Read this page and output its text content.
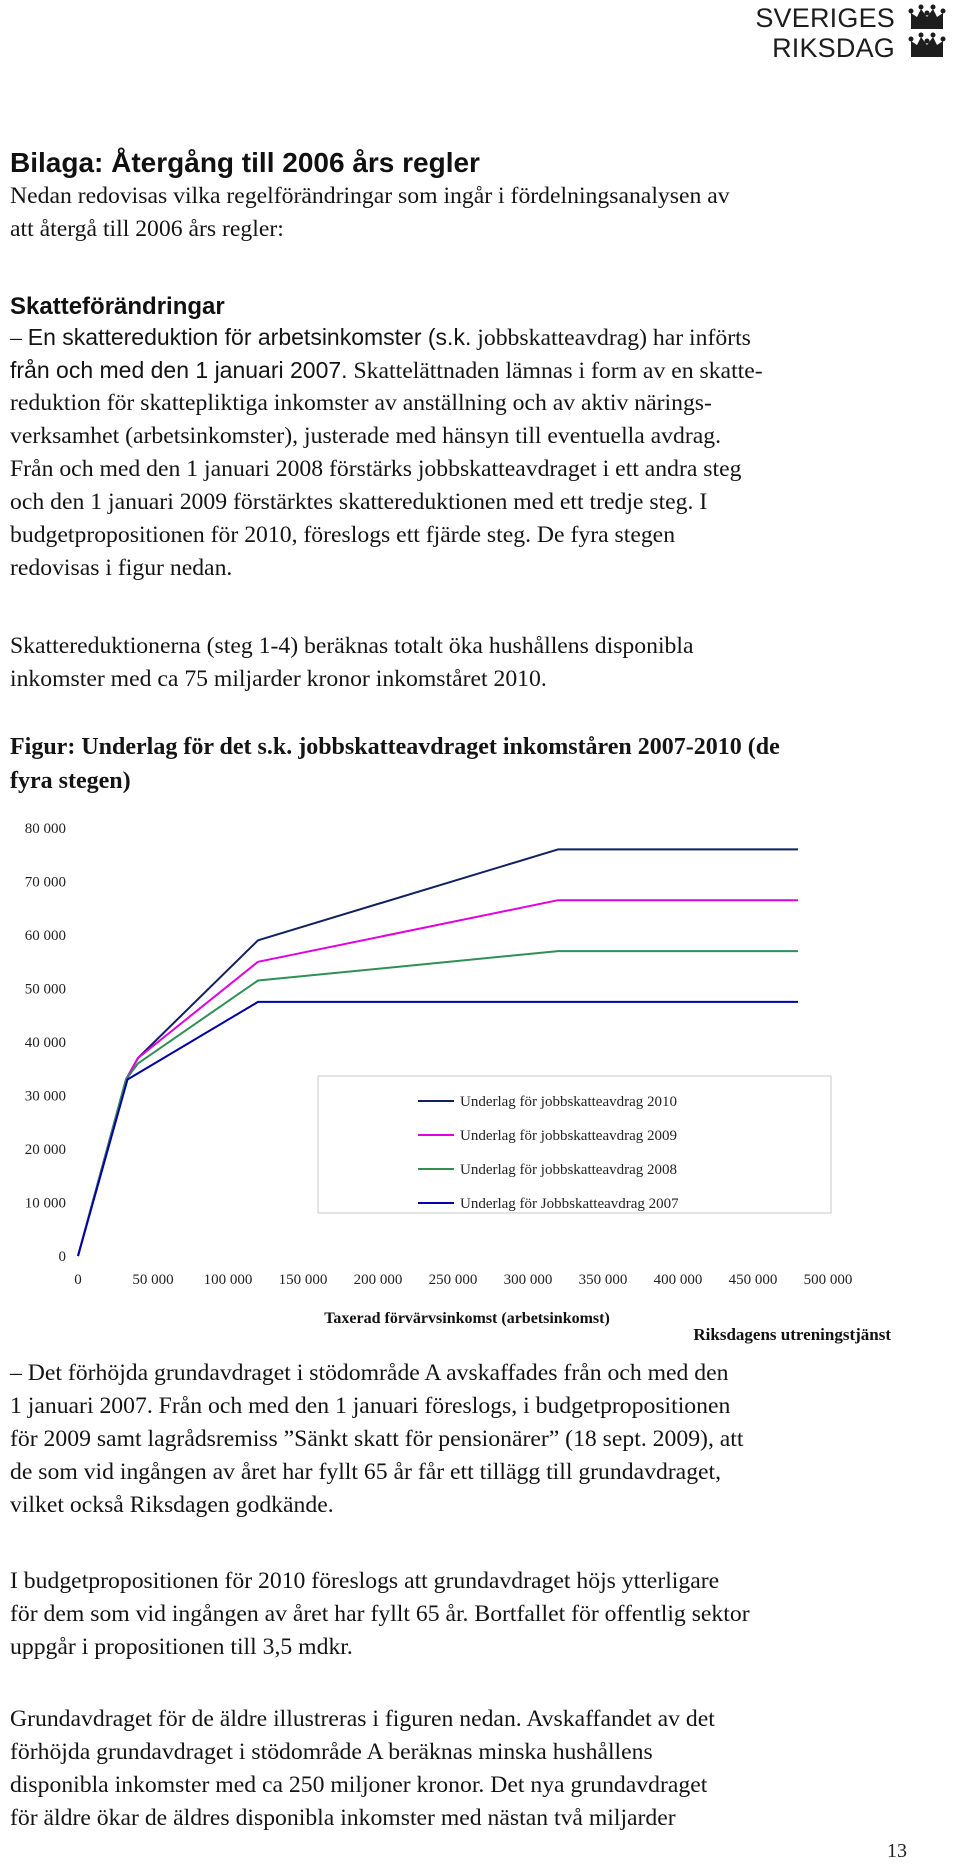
SVERIGES
RIKSDAG
Bilaga: Återgång till 2006 års regler
Nedan redovisas vilka regelförändringar som ingår i fördelningsanalysen av
att återgå till 2006 års regler:
Skatteförändringar
– En skattereduktion för arbetsinkomster (s.k. jobbskatteavdrag) har införts
från och med den 1 januari 2007. Skattelättnaden lämnas i form av en skatte-
reduktion för skattepliktiga inkomster av anställning och av aktiv närings-
verksamhet (arbetsinkomster), justerade med hänsyn till eventuella avdrag.
Från och med den 1 januari 2008 förstärks jobbskatteavdraget i ett andra steg
och den 1 januari 2009 förstärktes skattereduktionen med ett tredje steg. I
budgetpropositionen för 2010, föreslogs ett fjärde steg. De fyra stegen
redovisas i figur nedan.
Skattereduktionerna (steg 1-4) beräknas totalt öka hushållens disponibla
inkomster med ca 75 miljarder kronor inkomståret 2010.
Figur: Underlag för det s.k. jobbskatteavdraget inkomståren 2007-2010 (de
fyra stegen)
0	50 000 100 000 150 000 200 000 250 000 300 000 350 000 400 000 450 000 500 000
0
10 000
20 000
30 000
40 000
50 000
60 000
70 000
80 000
Underlag för jobbskatteavdrag 2010
Underlag för jobbskatteavdrag 2009
Underlag för jobbskatteavdrag 2008
Underlag för Jobbskatteavdrag 2007
Taxerad förvärvsinkomst (arbetsinkomst)
Riksdagens utreningstjänst
– Det förhöjda grundavdraget i stödområde A avskaffades från och med den
1 januari 2007. Från och med den 1 januari föreslogs, i budgetpropositionen
för 2009 samt lagrådsremiss ”Sänkt skatt för pensionärer” (18 sept. 2009), att
de som vid ingången av året har fyllt 65 år får ett tillägg till grundavdraget,
vilket också Riksdagen godkände.
I budgetpropositionen för 2010 föreslogs att grundavdraget höjs ytterligare
för dem som vid ingången av året har fyllt 65 år. Bortfallet för offentlig sektor
uppgår i propositionen till 3,5 mdkr.
Grundavdraget för de äldre illustreras i figuren nedan. Avskaffandet av det
förhöjda grundavdraget i stödområde A beräknas minska hushållens
disponibla inkomster med ca 250 miljoner kronor. Det nya grundavdraget
för äldre ökar de äldres disponibla inkomster med nästan två miljarder
13
